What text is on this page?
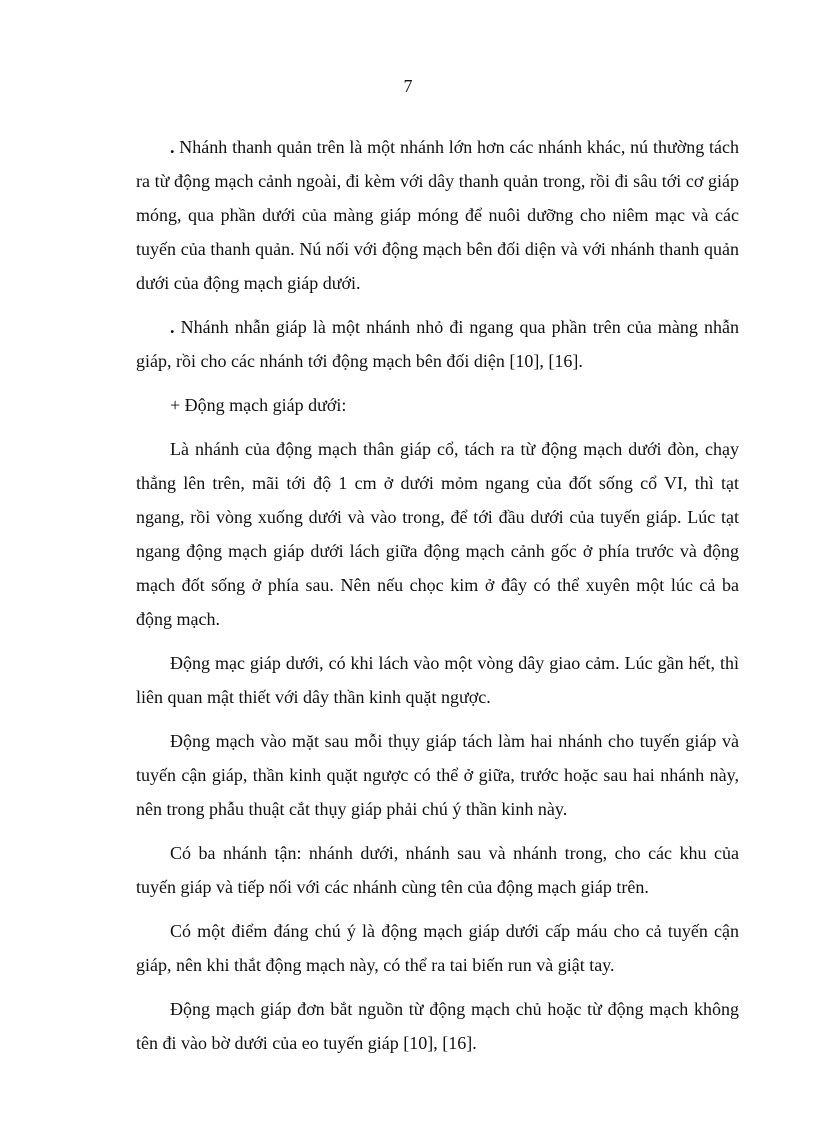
7

. Nhánh thanh quản trên là một nhánh lớn hơn các nhánh khác, nú thường tách ra từ động mạch cảnh ngoài, đi kèm với dây thanh quản trong, rồi đi sâu tới cơ giáp móng, qua phần dưới của màng giáp móng để nuôi dưỡng cho niêm mạc và các tuyến của thanh quản. Nú nối với động mạch bên đối diện và với nhánh thanh quản dưới của động mạch giáp dưới.

. Nhánh nhẫn giáp là một nhánh nhỏ đi ngang qua phần trên của màng nhẫn giáp, rồi cho các nhánh tới động mạch bên đối diện [10], [16].

+ Động mạch giáp dưới:

Là nhánh của động mạch thân giáp cổ, tách ra từ động mạch dưới đòn, chạy thẳng lên trên, mãi tới độ 1 cm ở dưới mỏm ngang của đốt sống cổ VI, thì tạt ngang, rồi vòng xuống dưới và vào trong, để tới đầu dưới của tuyến giáp. Lúc tạt ngang động mạch giáp dưới lách giữa động mạch cảnh gốc ở phía trước và động mạch đốt sống ở phía sau. Nên nếu chọc kim ở đây có thể xuyên một lúc cả ba động mạch.

Động mạc giáp dưới, có khi lách vào một vòng dây giao cảm. Lúc gần hết, thì liên quan mật thiết với dây thần kinh quặt ngược.

Động mạch vào mặt sau mỗi thụy giáp tách làm hai nhánh cho tuyến giáp và tuyến cận giáp, thần kinh quặt ngược có thể ở giữa, trước hoặc sau hai nhánh này, nên trong phẫu thuật cắt thụy giáp phải chú ý thần kinh này.

Có ba nhánh tận: nhánh dưới, nhánh sau và nhánh trong, cho các khu của tuyến giáp và tiếp nối với các nhánh cùng tên của động mạch giáp trên.

Có một điểm đáng chú ý là động mạch giáp dưới cấp máu cho cả tuyến cận giáp, nên khi thắt động mạch này, có thể ra tai biến run và giật tay.

Động mạch giáp đơn bắt nguồn từ động mạch chủ hoặc từ động mạch không tên đi vào bờ dưới của eo tuyến giáp [10], [16].
